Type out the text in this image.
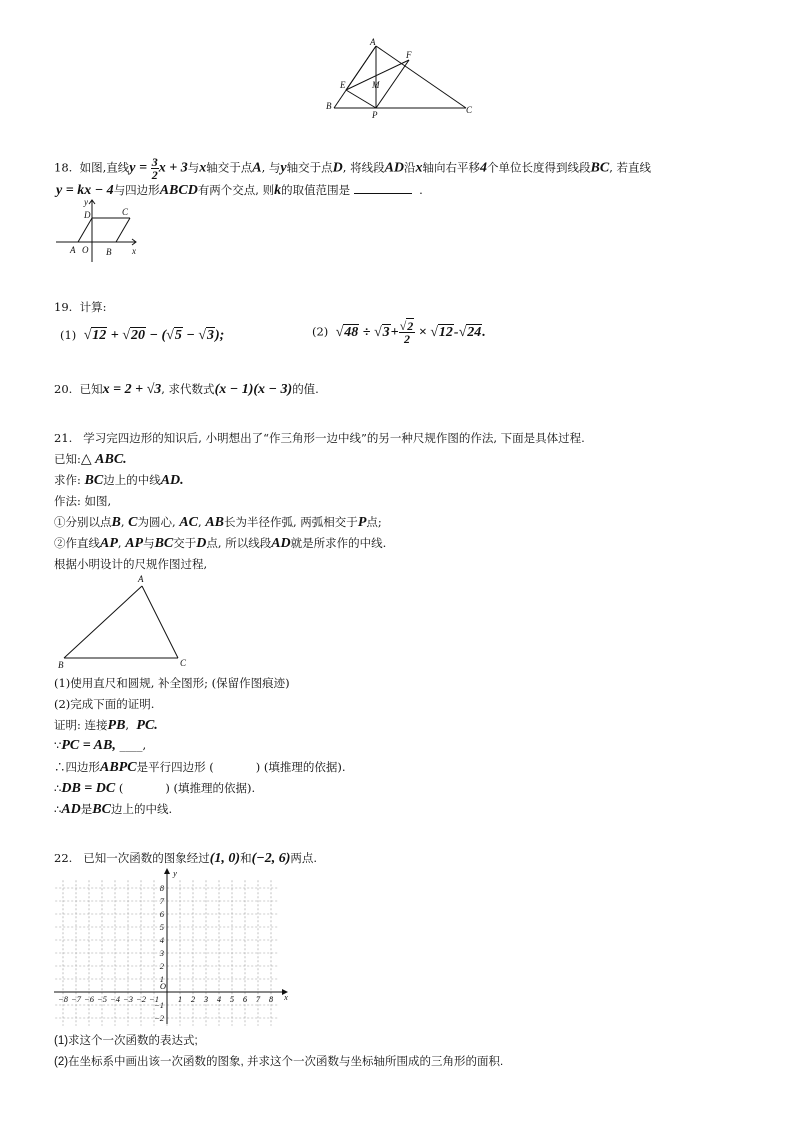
A
F
E	M
B
P	C
18. 如图,直线$y = \frac{3}{2}$ x + 3与x轴交于点A, 与y轴交于点D, 将线段AD沿x轴向右平移4个单位长度得到线段BC, 若直线
y = kx − 4与四边形ABCD有两个交点, 则k的取值范围是	.
y
D	C
A O B x
19. 计算:
(1) √12 + √20 − (√5 − √3);	(2) $√48 \div √3+ \frac{√2}{2} \times √12-√24$.
20. 已知x = 2 + √3, 求代数式(x − 1)(x − 3)的值.
21. 学习完四边形的知识后, 小明想出了“作三角形一边中线”的另一种尺规作图的作法, 下面是具体过程.
已知:△ ABC.
求作: BC边上的中线AD.
作法: 如图,
①分别以点B, C为圆心, AC, AB长为半径作弧, 两弧相交于P点;
②作直线AP, AP与BC交于D点, 所以线段AD就是所求作的中线.
根据小明设计的尺规作图过程,
A
B	C
(1)使用直尺和圆规, 补全图形; (保留作图痕迹)
(2)完成下面的证明.
证明: 连接PB,  PC.
∵PC = AB, ____,
∴四边形ABPC是平行四边形 (	) (填推理的依据).
∴DB = DC (	) (填推理的依据).
∴AD是BC边上的中线.
22. 已知一次函数的图象经过(1, 0)和(−2, 6)两点.
−8 −7 −6 −5 −4 −3 −2 −1 1 2 3 4 5 6 7 8
8
7
6
5
4
3
2
1
−1
−2
O
x
y
(1)求这个一次函数的表达式;
(2)在坐标系中画出该一次函数的图象, 并求这个一次函数与坐标轴所围成的三角形的面积.
